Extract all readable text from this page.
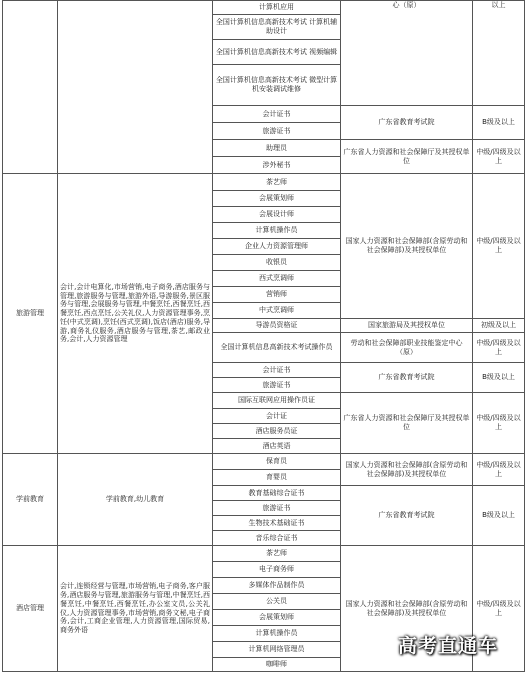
		计算机应用	心（原）	以上
		全国计算机信息高新技术考试 计算机辅助设计		
		全国计算机信息高新技术考试 视频编辑		
		全国计算机信息高新技术考试 微型计算机安装调试维修		
		会计证书	广东省教育考试院	B级及以上
		旅游证书		
		助理员	广东省人力资源和社会保障厅及其授权单位	中级/四级及以上
		涉外秘书		
旅游管理	会计,会计电算化,市场营销,电子商务,酒店服务与管理,旅游服务与管理,旅游外语,导游服务,景区服务与管理,会展服务与管理,中餐烹饪,西餐烹饪,西餐烹饪,西点烹饪,公关礼仪,人力资源管理事务,烹饪(中式烹调),烹饪(西式烹调),饭店(酒店)服务,导游,商务礼仪服务,酒店服务与管理,茶艺,邮政业务,会计,人力资源管理	茶艺师	国家人力资源和社会保障部(含原劳动和社会保障部)及其授权单位	中级/四级及以上
		会展策划师		
		会展设计师		
		计算机操作员		
		企业人力资源管理师		
		收银员		
		西式烹调师		
		营销师		
		中式烹调师		
		导游员资格证	国家旅游局及其授权单位	初级及以上
		全国计算机信息高新技术考试操作员	劳动和社会保障部职业技能鉴定中心（原）	中级/四级及以上
		会计证书	广东省教育考试院	B级及以上
		旅游证书		
		国际互联网应用操作员证	广东省人力资源和社会保障厅及其授权单位	中级/四级及以上
		会计证		
		酒店服务员证		
		酒店英语		

学前教育	学前教育,幼儿教育	保育员	国家人力资源和社会保障部(含原劳动和社会保障部)及其授权单位	中级/四级及以上
		育婴员		
		教育基础综合证书	广东省教育考试院	B级及以上
		旅游证书		
		生物技术基础证书		
		音乐综合证书		
酒店管理	会计,连锁经营与管理,市场营销,电子商务,客户服务,酒店服务与管理,旅游服务与管理,中餐烹饪,西餐烹饪,中餐烹饪,西餐烹饪,办公室文员,公关礼仪,人力资源管理事务,市场营销,商务文秘,电子商务,会计,工商企业管理,人力资源管理,国际贸易,商务外语	茶艺师	国家人力资源和社会保障部(含原劳动和社会保障部)及其授权单位	中级/四级及以上
		电子商务师		
		多媒体作品制作员		
		公关员		
		会展策划师		
		计算机操作员		
		计算机网络管理员		
		咖啡师		
高考直通车
